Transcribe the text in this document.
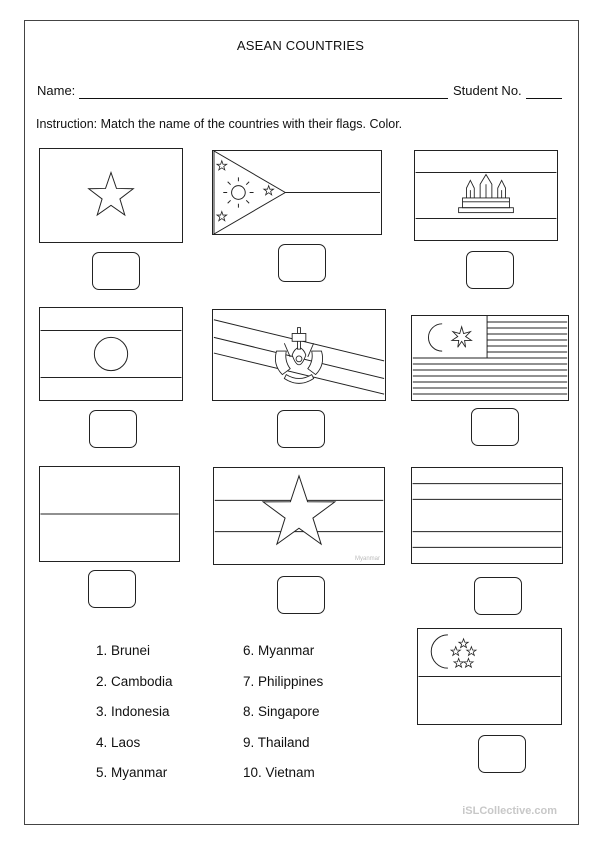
ASEAN COUNTRIES
Name:	Student No.
Instruction: Match the name of the countries with their flags. Color.
Myanmar
1. Brunei
2. Cambodia
3. Indonesia
4. Laos
5. Myanmar
6. Myanmar
7. Philippines
8. Singapore
9. Thailand
10. Vietnam
iSLCollective.com
